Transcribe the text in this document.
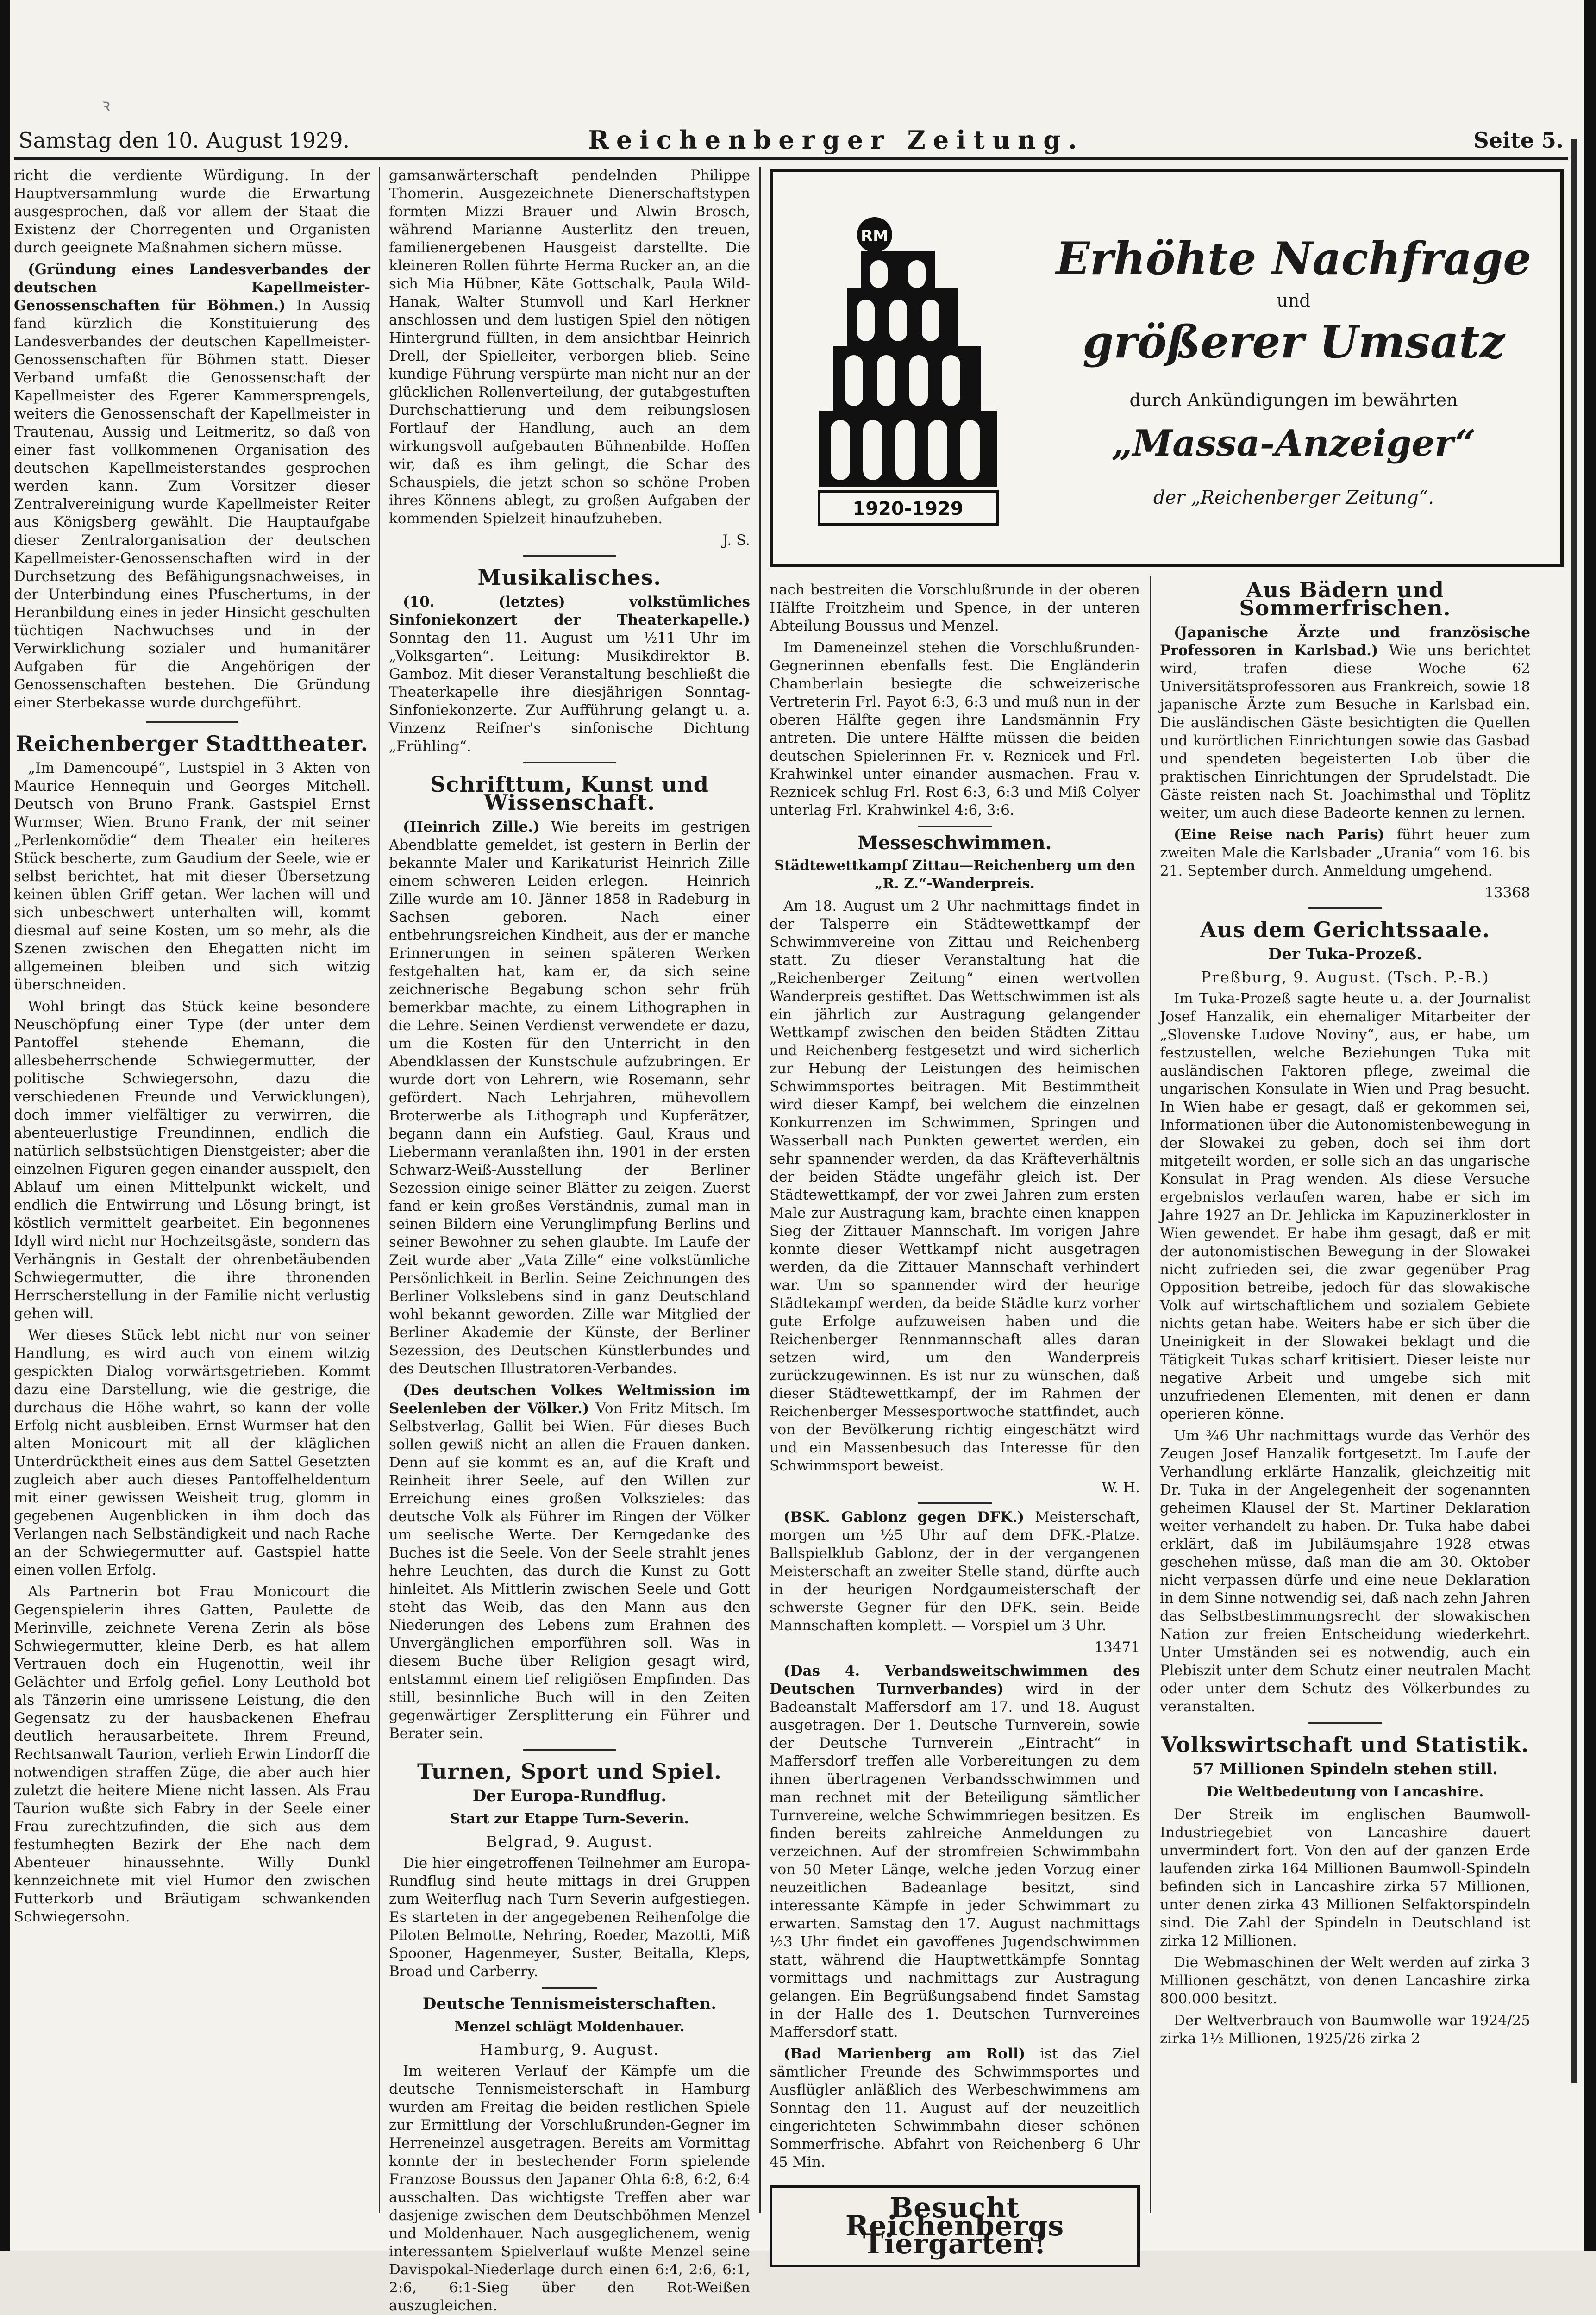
ꝛ
Samstag den 10. August 1929.	Reichenberger Zeitung.	Seite 5.

richt die verdiente Würdigung. In der Hauptversammlung wurde die Erwartung ausgesprochen, daß vor allem der Staat die Existenz der Chorregenten und Organisten durch geeignete Maßnahmen sichern müsse.

(Gründung eines Landesverbandes der deutschen Kapellmeister- Genossenschaften für Böhmen.) In Aussig fand kürzlich die Konstituierung des Landesverbandes der deutschen Kapellmeister-Genossenschaften für Böhmen statt. Dieser Verband umfaßt die Genossenschaft der Kapellmeister des Egerer Kammersprengels, weiters die Genossenschaft der Kapellmeister in Trautenau, Aussig und Leitmeritz, so daß von einer fast vollkommenen Organisation des deutschen Kapellmeisterstandes gesprochen werden kann. Zum Vorsitzer dieser Zentralvereinigung wurde Kapellmeister Reiter aus Königsberg gewählt. Die Hauptaufgabe dieser Zentralorganisation der deutschen Kapellmeister-Genossenschaften wird in der Durchsetzung des Befähigungsnachweises, in der Unterbindung eines Pfuschertums, in der Heranbildung eines in jeder Hinsicht geschulten tüchtigen Nachwuchses und in der Verwirklichung sozialer und humanitärer Aufgaben für die Angehörigen der Genossenschaften bestehen. Die Gründung einer Sterbekasse wurde durchgeführt.

Reichenberger Stadttheater.

„Im Damencoupé“, Lustspiel in 3 Akten von Maurice Hennequin und Georges Mitchell. Deutsch von Bruno Frank. Gastspiel Ernst Wurmser, Wien. Bruno Frank, der mit seiner „Perlenkomödie“ dem Theater ein heiteres Stück bescherte, zum Gaudium der Seele, wie er selbst berichtet, hat mit dieser Übersetzung keinen üblen Griff getan. Wer lachen will und sich unbeschwert unterhalten will, kommt diesmal auf seine Kosten, um so mehr, als die Szenen zwischen den Ehegatten nicht im allgemeinen bleiben und sich witzig überschneiden.

Wohl bringt das Stück keine besondere Neuschöpfung einer Type (der unter dem Pantoffel stehende Ehemann, die allesbeherrschende Schwiegermutter, der politische Schwiegersohn, dazu die verschiedenen Freunde und Verwicklungen), doch immer vielfältiger zu verwirren, die abenteuerlustige Freundinnen, endlich die natürlich selbstsüchtigen Dienstgeister; aber die einzelnen Figuren gegen einander ausspielt, den Ablauf um einen Mittelpunkt wickelt, und endlich die Entwirrung und Lösung bringt, ist köstlich vermittelt gearbeitet. Ein begonnenes Idyll wird nicht nur Hochzeitsgäste, sondern das Verhängnis in Gestalt der ohrenbetäubenden Schwiegermutter, die ihre thronenden Herrscherstellung in der Familie nicht verlustig gehen will.

Wer dieses Stück lebt nicht nur von seiner Handlung, es wird auch von einem witzig gespickten Dialog vorwärtsgetrieben. Kommt dazu eine Darstellung, wie die gestrige, die durchaus die Höhe wahrt, so kann der volle Erfolg nicht ausbleiben. Ernst Wurmser hat den alten Monicourt mit all der kläglichen Unterdrücktheit eines aus dem Sattel Gesetzten zugleich aber auch dieses Pantoffelheldentum mit einer gewissen Weisheit trug, glomm in gegebenen Augenblicken in ihm doch das Verlangen nach Selbständigkeit und nach Rache an der Schwiegermutter auf. Gastspiel hatte einen vollen Erfolg.

Als Partnerin bot Frau Monicourt die Gegenspielerin ihres Gatten, Paulette de Merinville, zeichnete Verena Zerin als böse Schwiegermutter, kleine Derb, es hat allem Vertrauen doch ein Hugenottin, weil ihr Gelächter und Erfolg gefiel. Lony Leuthold bot als Tänzerin eine umrissene Leistung, die den Gegensatz zu der hausbackenen Ehefrau deutlich herausarbeitete. Ihrem Freund, Rechtsanwalt Taurion, verlieh Erwin Lindorff die notwendigen straffen Züge, die aber auch hier zuletzt die heitere Miene nicht lassen. Als Frau Taurion wußte sich Fabry in der Seele einer Frau zurechtzufinden, die sich aus dem festumhegten Bezirk der Ehe nach dem Abenteuer hinaussehnte. Willy Dunkl kennzeichnete mit viel Humor den zwischen Futterkorb und Bräutigam schwankenden Schwiegersohn.

gamsanwärterschaft pendelnden Philippe Thomerin. Ausgezeichnete Dienerschaftstypen formten Mizzi Brauer und Alwin Brosch, während Marianne Austerlitz den treuen, familienergebenen Hausgeist darstellte. Die kleineren Rollen führte Herma Rucker an, an die sich Mia Hübner, Käte Gottschalk, Paula Wild-Hanak, Walter Stumvoll und Karl Herkner anschlossen und dem lustigen Spiel den nötigen Hintergrund füllten, in dem ansichtbar Heinrich Drell, der Spielleiter, verborgen blieb. Seine kundige Führung verspürte man nicht nur an der glücklichen Rollenverteilung, der gutabgestuften Durchschattierung und dem reibungslosen Fortlauf der Handlung, auch an dem wirkungsvoll aufgebauten Bühnenbilde. Hoffen wir, daß es ihm gelingt, die Schar des Schauspiels, die jetzt schon so schöne Proben ihres Könnens ablegt, zu großen Aufgaben der kommenden Spielzeit hinaufzuheben.

J. S.
Musikalisches.

(10. (letztes) volkstümliches Sinfoniekonzert der Theaterkapelle.) Sonntag den 11. August um ½11 Uhr im „Volksgarten“. Leitung: Musikdirektor B. Gamboz. Mit dieser Veranstaltung beschließt die Theaterkapelle ihre diesjährigen Sonntag-Sinfoniekonzerte. Zur Aufführung gelangt u. a. Vinzenz Reifner's sinfonische Dichtung „Frühling“.

Schrifttum, Kunst und Wissenschaft.

(Heinrich Zille.) Wie bereits im gestrigen Abendblatte gemeldet, ist gestern in Berlin der bekannte Maler und Karikaturist Heinrich Zille einem schweren Leiden erlegen. — Heinrich Zille wurde am 10. Jänner 1858 in Radeburg in Sachsen geboren. Nach einer entbehrungsreichen Kindheit, aus der er manche Erinnerungen in seinen späteren Werken festgehalten hat, kam er, da sich seine zeichnerische Begabung schon sehr früh bemerkbar machte, zu einem Lithographen in die Lehre. Seinen Verdienst verwendete er dazu, um die Kosten für den Unterricht in den Abendklassen der Kunstschule aufzubringen. Er wurde dort von Lehrern, wie Rosemann, sehr gefördert. Nach Lehrjahren, mühevollem Broterwerbe als Lithograph und Kupferätzer, begann dann ein Aufstieg. Gaul, Kraus und Liebermann veranlaßten ihn, 1901 in der ersten Schwarz-Weiß-Ausstellung der Berliner Sezession einige seiner Blätter zu zeigen. Zuerst fand er kein großes Verständnis, zumal man in seinen Bildern eine Verunglimpfung Berlins und seiner Bewohner zu sehen glaubte. Im Laufe der Zeit wurde aber „Vata Zille“ eine volkstümliche Persönlichkeit in Berlin. Seine Zeichnungen des Berliner Volkslebens sind in ganz Deutschland wohl bekannt geworden. Zille war Mitglied der Berliner Akademie der Künste, der Berliner Sezession, des Deutschen Künstlerbundes und des Deutschen Illustratoren-Verbandes.

(Des deutschen Volkes Weltmission im Seelenleben der Völker.) Von Fritz Mitsch. Im Selbstverlag, Gallit bei Wien. Für dieses Buch sollen gewiß nicht an allen die Frauen danken. Denn auf sie kommt es an, auf die Kraft und Reinheit ihrer Seele, auf den Willen zur Erreichung eines großen Volkszieles: das deutsche Volk als Führer im Ringen der Völker um seelische Werte. Der Kerngedanke des Buches ist die Seele. Von der Seele strahlt jenes hehre Leuchten, das durch die Kunst zu Gott hinleitet. Als Mittlerin zwischen Seele und Gott steht das Weib, das den Mann aus den Niederungen des Lebens zum Erahnen des Unvergänglichen emporführen soll. Was in diesem Buche über Religion gesagt wird, entstammt einem tief religiösen Empfinden. Das still, besinnliche Buch will in den Zeiten gegenwärtiger Zersplitterung ein Führer und Berater sein.

Turnen, Sport und Spiel.
Der Europa-Rundflug.
Start zur Etappe Turn-Severin.
Belgrad, 9. August.

Die hier eingetroffenen Teilnehmer am Europa-Rundflug sind heute mittags in drei Gruppen zum Weiterflug nach Turn Severin aufgestiegen. Es starteten in der angegebenen Reihenfolge die Piloten Belmotte, Nehring, Roeder, Mazotti, Miß Spooner, Hagenmeyer, Suster, Beitalla, Kleps, Broad und Carberry.

Deutsche Tennismeisterschaften.
Menzel schlägt Moldenhauer.
Hamburg, 9. August.

Im weiteren Verlauf der Kämpfe um die deutsche Tennismeisterschaft in Hamburg wurden am Freitag die beiden restlichen Spiele zur Ermittlung der Vorschlußrunden-Gegner im Herreneinzel ausgetragen. Bereits am Vormittag konnte der in bestechender Form spielende Franzose Boussus den Japaner Ohta 6:8, 6:2, 6:4 ausschalten. Das wichtigste Treffen aber war dasjenige zwischen dem Deutschböhmen Menzel und Moldenhauer. Nach ausgeglichenem, wenig interessantem Spielverlauf wußte Menzel seine Davispokal-Niederlage durch einen 6:4, 2:6, 6:1, 2:6, 6:1-Sieg über den Rot-Weißen auszugleichen.

RM
1920-1929
Erhöhte Nachfrage
und
größerer Umsatz
durch Ankündigungen im bewährten
„Massa-Anzeiger“
der „Reichenberger Zeitung“.

nach bestreiten die Vorschlußrunde in der oberen Hälfte Froitzheim und Spence, in der unteren Abteilung Boussus und Menzel.

Im Dameneinzel stehen die Vorschlußrunden-Gegnerinnen ebenfalls fest. Die Engländerin Chamberlain besiegte die schweizerische Vertreterin Frl. Payot 6:3, 6:3 und muß nun in der oberen Hälfte gegen ihre Landsmännin Fry antreten. Die untere Hälfte müssen die beiden deutschen Spielerinnen Fr. v. Reznicek und Frl. Krahwinkel unter einander ausmachen. Frau v. Reznicek schlug Frl. Rost 6:3, 6:3 und Miß Colyer unterlag Frl. Krahwinkel 4:6, 3:6.

Messeschwimmen.
Städtewettkampf Zittau—Reichenberg um den „R. Z.“-Wanderpreis.

Am 18. August um 2 Uhr nachmittags findet in der Talsperre ein Städtewettkampf der Schwimmvereine von Zittau und Reichenberg statt. Zu dieser Veranstaltung hat die „Reichenberger Zeitung“ einen wertvollen Wanderpreis gestiftet. Das Wettschwimmen ist als ein jährlich zur Austragung gelangender Wettkampf zwischen den beiden Städten Zittau und Reichenberg festgesetzt und wird sicherlich zur Hebung der Leistungen des heimischen Schwimmsportes beitragen. Mit Bestimmtheit wird dieser Kampf, bei welchem die einzelnen Konkurrenzen im Schwimmen, Springen und Wasserball nach Punkten gewertet werden, ein sehr spannender werden, da das Kräfteverhältnis der beiden Städte ungefähr gleich ist. Der Städtewettkampf, der vor zwei Jahren zum ersten Male zur Austragung kam, brachte einen knappen Sieg der Zittauer Mannschaft. Im vorigen Jahre konnte dieser Wettkampf nicht ausgetragen werden, da die Zittauer Mannschaft verhindert war. Um so spannender wird der heurige Städtekampf werden, da beide Städte kurz vorher gute Erfolge aufzuweisen haben und die Reichenberger Rennmannschaft alles daran setzen wird, um den Wanderpreis zurückzugewinnen. Es ist nur zu wünschen, daß dieser Städtewettkampf, der im Rahmen der Reichenberger Messesportwoche stattfindet, auch von der Bevölkerung richtig eingeschätzt wird und ein Massenbesuch das Interesse für den Schwimmsport beweist.

W. H.

(BSK. Gablonz gegen DFK.) Meisterschaft, morgen um ½5 Uhr auf dem DFK.-Platze. Ballspielklub Gablonz, der in der vergangenen Meisterschaft an zweiter Stelle stand, dürfte auch in der heurigen Nordgaumeisterschaft der schwerste Gegner für den DFK. sein. Beide Mannschaften komplett. — Vorspiel um 3 Uhr.

13471

(Das 4. Verbandsweitschwimmen des Deutschen Turnverbandes) wird in der Badeanstalt Maffersdorf am 17. und 18. August ausgetragen. Der 1. Deutsche Turnverein, sowie der Deutsche Turnverein „Eintracht“ in Maffersdorf treffen alle Vorbereitungen zu dem ihnen übertragenen Verbandsschwimmen und man rechnet mit der Beteiligung sämtlicher Turnvereine, welche Schwimmriegen besitzen. Es finden bereits zahlreiche Anmeldungen zu verzeichnen. Auf der stromfreien Schwimmbahn von 50 Meter Länge, welche jeden Vorzug einer neuzeitlichen Badeanlage besitzt, sind interessante Kämpfe in jeder Schwimmart zu erwarten. Samstag den 17. August nachmittags ½3 Uhr findet ein gavoffenes Jugendschwimmen statt, während die Hauptwettkämpfe Sonntag vormittags und nachmittags zur Austragung gelangen. Ein Begrüßungsabend findet Samstag in der Halle des 1. Deutschen Turnvereines Maffersdorf statt.

(Bad Marienberg am Roll) ist das Ziel sämtlicher Freunde des Schwimmsportes und Ausflügler anläßlich des Werbeschwimmens am Sonntag den 11. August auf der neuzeitlich eingerichteten Schwimmbahn dieser schönen Sommerfrische. Abfahrt von Reichenberg 6 Uhr 45 Min.

Besucht Reichenbergs Tiergarten!
Aus Bädern und Sommerfrischen.

(Japanische Ärzte und französische Professoren in Karlsbad.) Wie uns berichtet wird, trafen diese Woche 62 Universitätsprofessoren aus Frankreich, sowie 18 japanische Ärzte zum Besuche in Karlsbad ein. Die ausländischen Gäste besichtigten die Quellen und kurörtlichen Einrichtungen sowie das Gasbad und spendeten begeisterten Lob über die praktischen Einrichtungen der Sprudelstadt. Die Gäste reisten nach St. Joachimsthal und Töplitz weiter, um auch diese Badeorte kennen zu lernen.

(Eine Reise nach Paris) führt heuer zum zweiten Male die Karlsbader „Urania“ vom 16. bis 21. September durch. Anmeldung umgehend.

13368
Aus dem Gerichtssaale.
Der Tuka-Prozeß.
Preßburg, 9. August. (Tsch. P.-B.)

Im Tuka-Prozeß sagte heute u. a. der Journalist Josef Hanzalik, ein ehemaliger Mitarbeiter der „Slovenske Ludove Noviny“, aus, er habe, um festzustellen, welche Beziehungen Tuka mit ausländischen Faktoren pflege, zweimal die ungarischen Konsulate in Wien und Prag besucht. In Wien habe er gesagt, daß er gekommen sei, Informationen über die Autonomistenbewegung in der Slowakei zu geben, doch sei ihm dort mitgeteilt worden, er solle sich an das ungarische Konsulat in Prag wenden. Als diese Versuche ergebnislos verlaufen waren, habe er sich im Jahre 1927 an Dr. Jehlicka im Kapuzinerkloster in Wien gewendet. Er habe ihm gesagt, daß er mit der autonomistischen Bewegung in der Slowakei nicht zufrieden sei, die zwar gegenüber Prag Opposition betreibe, jedoch für das slowakische Volk auf wirtschaftlichem und sozialem Gebiete nichts getan habe. Weiters habe er sich über die Uneinigkeit in der Slowakei beklagt und die Tätigkeit Tukas scharf kritisiert. Dieser leiste nur negative Arbeit und umgebe sich mit unzufriedenen Elementen, mit denen er dann operieren könne.

Um ¾6 Uhr nachmittags wurde das Verhör des Zeugen Josef Hanzalik fortgesetzt. Im Laufe der Verhandlung erklärte Hanzalik, gleichzeitig mit Dr. Tuka in der Angelegenheit der sogenannten geheimen Klausel der St. Martiner Deklaration weiter verhandelt zu haben. Dr. Tuka habe dabei erklärt, daß im Jubiläumsjahre 1928 etwas geschehen müsse, daß man die am 30. Oktober nicht verpassen dürfe und eine neue Deklaration in dem Sinne notwendig sei, daß nach zehn Jahren das Selbstbestimmungsrecht der slowakischen Nation zur freien Entscheidung wiederkehrt. Unter Umständen sei es notwendig, auch ein Plebiszit unter dem Schutz einer neutralen Macht oder unter dem Schutz des Völkerbundes zu veranstalten.

Volkswirtschaft und Statistik.
57 Millionen Spindeln stehen still.
Die Weltbedeutung von Lancashire.

Der Streik im englischen Baumwoll-Industriegebiet von Lancashire dauert unvermindert fort. Von den auf der ganzen Erde laufenden zirka 164 Millionen Baumwoll-Spindeln befinden sich in Lancashire zirka 57 Millionen, unter denen zirka 43 Millionen Selfaktorspindeln sind. Die Zahl der Spindeln in Deutschland ist zirka 12 Millionen.

Die Webmaschinen der Welt werden auf zirka 3 Millionen geschätzt, von denen Lancashire zirka 800.000 besitzt.

Der Weltverbrauch von Baumwolle war 1924/25 zirka 1½ Millionen, 1925/26 zirka 2
